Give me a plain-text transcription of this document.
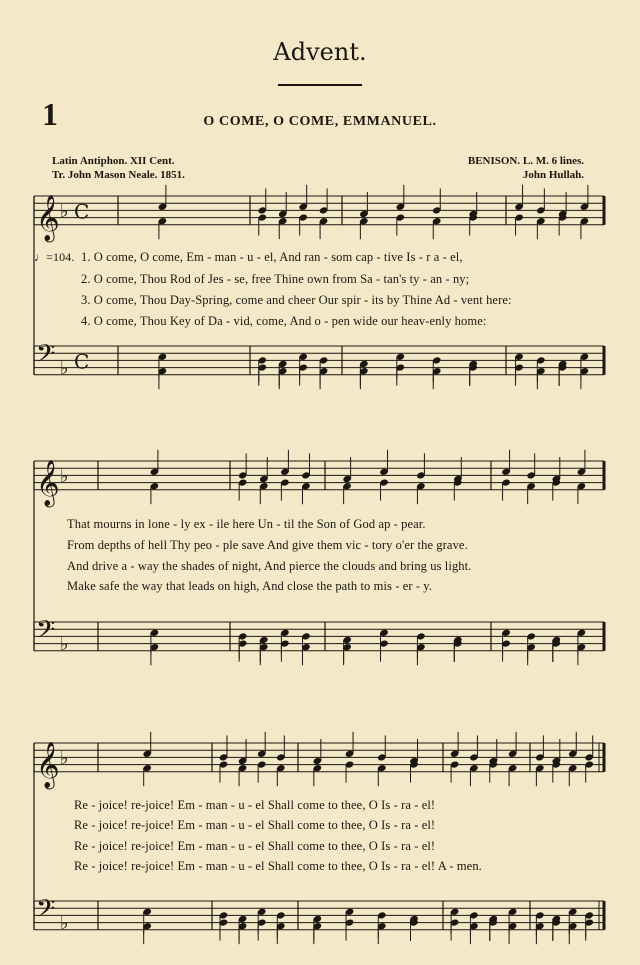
Advent.
1	O COME, O COME, EMMANUEL.
Latin Antiphon. XII Cent.
Tr. John Mason Neale. 1851.
BENISON. L. M. 6 lines.
John Hullah.
𝄞 ♭ C
𝄢 ♭ C
𝄞 ♭
𝄢 ♭
𝄞 ♭
𝄢 ♭
♩=104. 1. O come, O come, Em - man - u - el, And ran - som cap - tive Is - r a - el,
2. O come, Thou Rod of Jes - se, free Thine own from Sa - tan's ty - an - ny;
3. O come, Thou Day-Spring, come and cheer Our spir - its by Thine Ad - vent here:
4. O come, Thou Key of Da - vid, come, And o - pen wide our heav-enly home:
That mourns in lone - ly ex - ile here Un - til the Son of God ap - pear.
From depths of hell Thy peo - ple save And give them vic - tory o'er the grave.
And drive a - way the shades of night, And pierce the clouds and bring us light.
Make safe the way that leads on high, And close the path to mis - er - y.
Re - joice! re-joice! Em - man - u - el Shall come to thee, O Is - ra - el!
Re - joice! re-joice! Em - man - u - el Shall come to thee, O Is - ra - el!
Re - joice! re-joice! Em - man - u - el Shall come to thee, O Is - ra - el!
Re - joice! re-joice! Em - man - u - el Shall come to thee, O Is - ra - el! A - men.
